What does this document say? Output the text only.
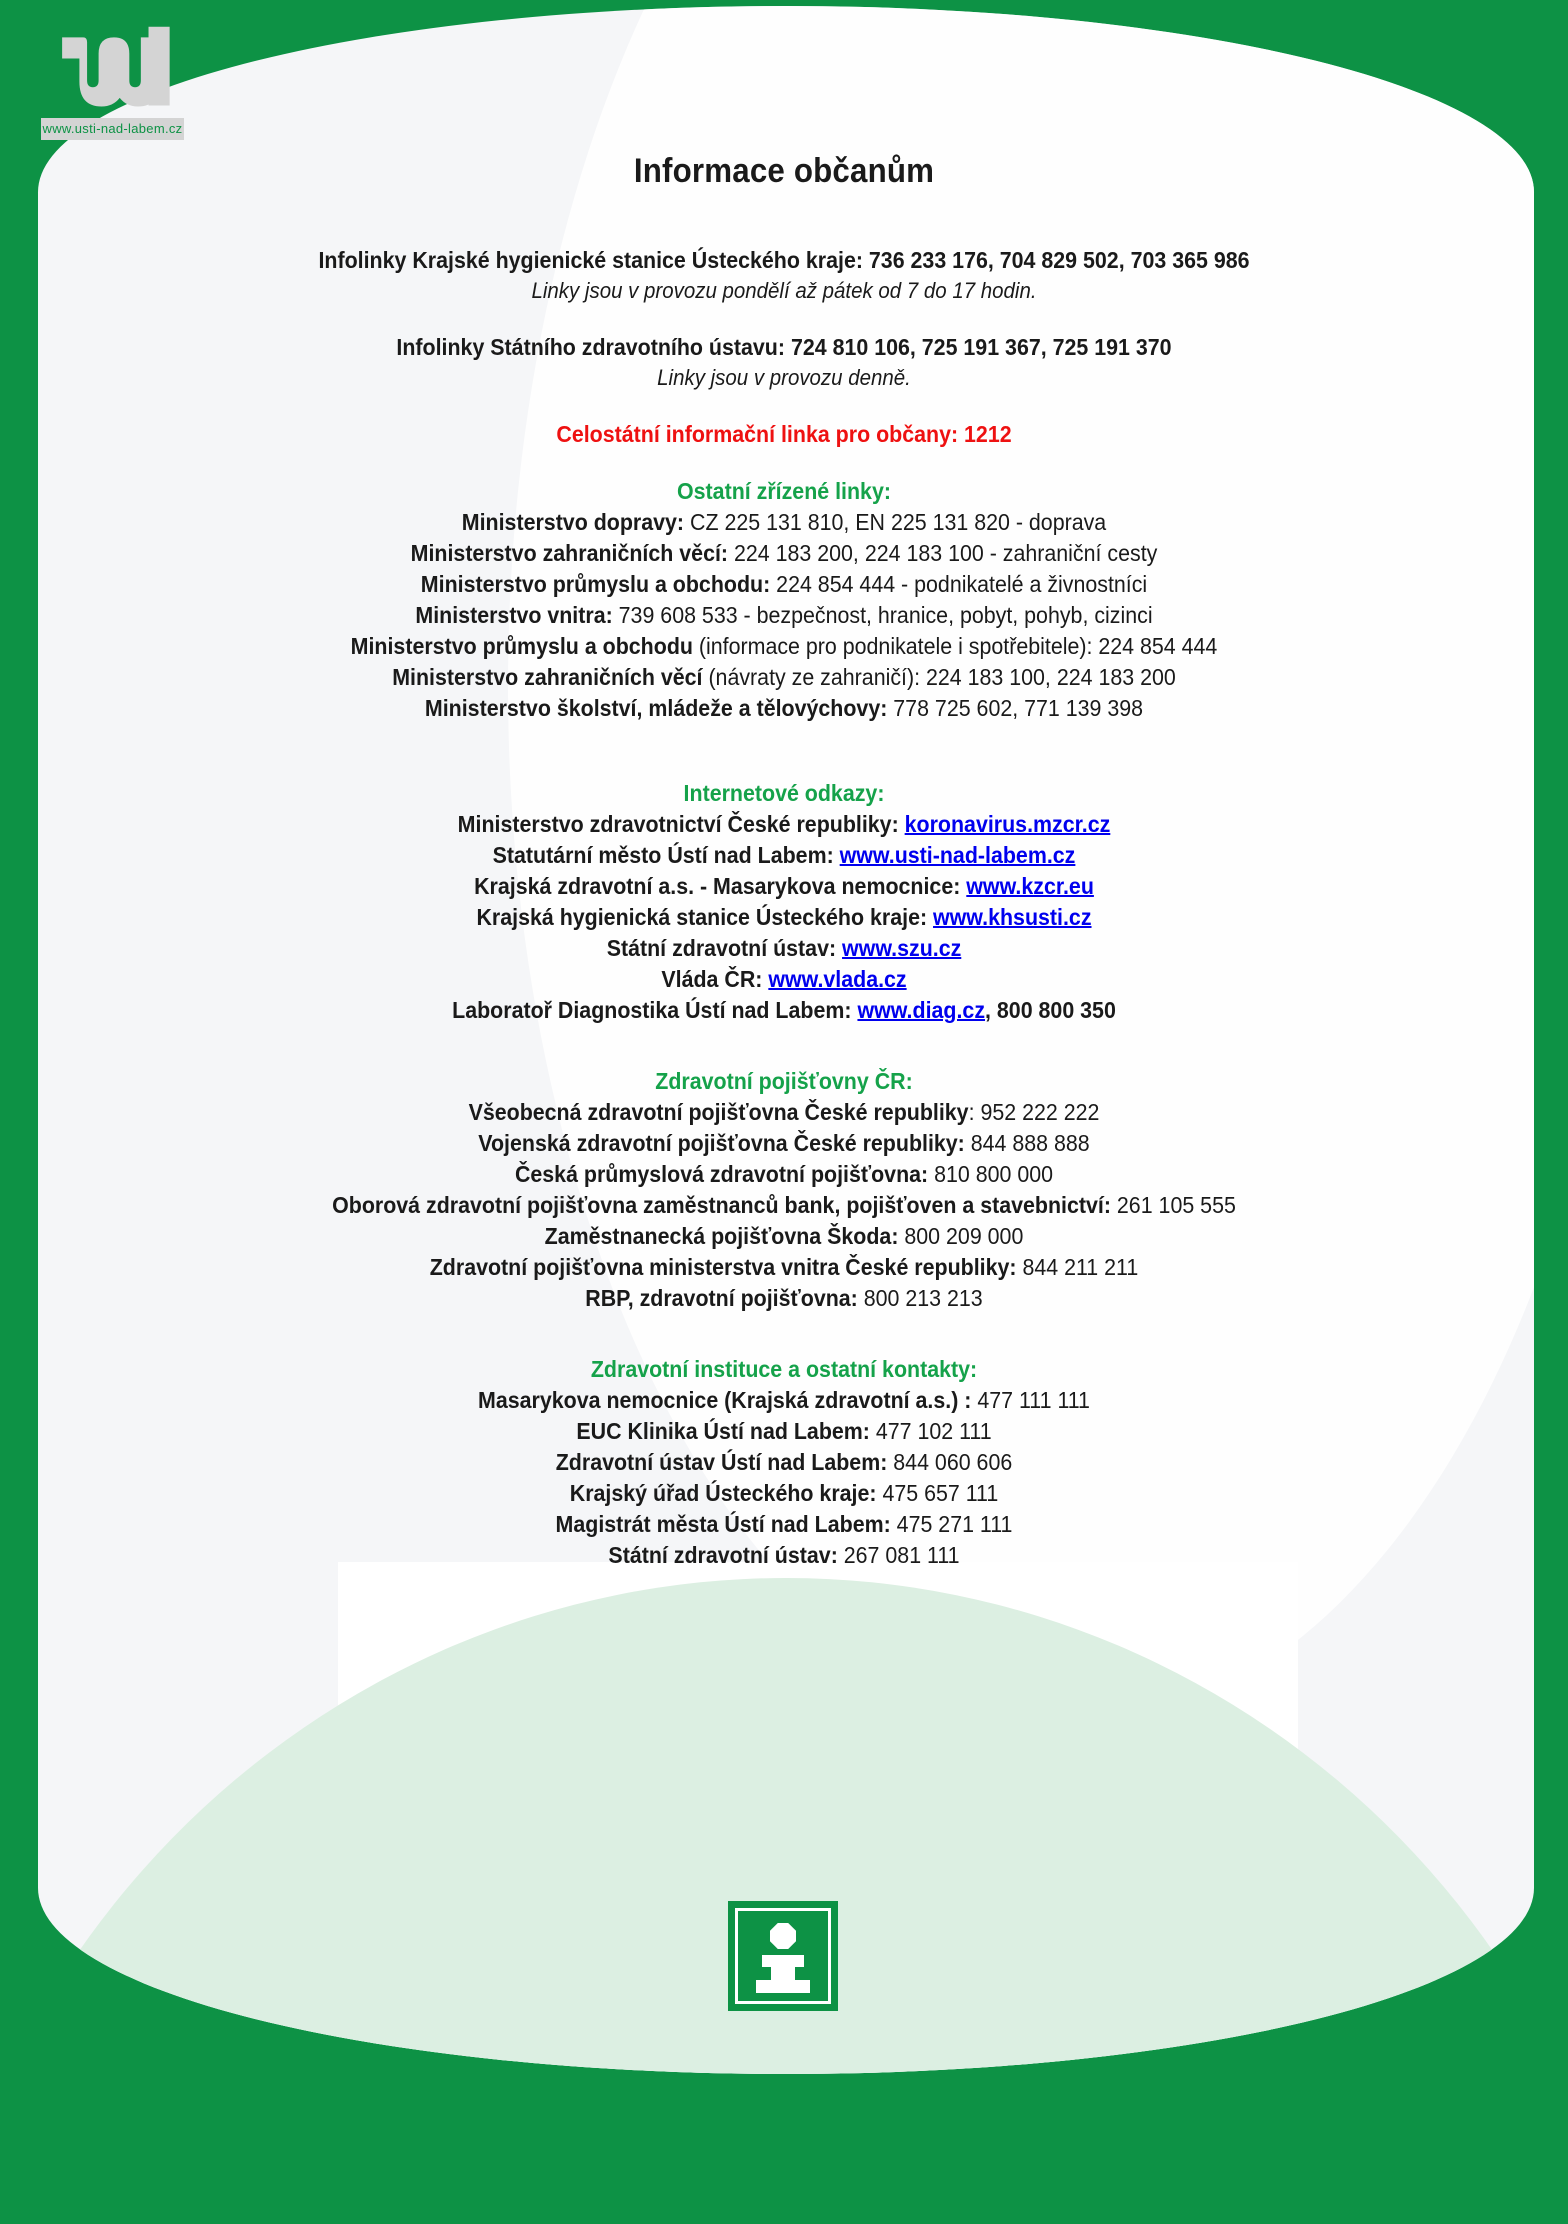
www.usti-nad-labem.cz
Informace občanům
Infolinky Krajské hygienické stanice Ústeckého kraje: 736 233 176, 704 829 502, 703 365 986
Linky jsou v provozu pondělí až pátek od 7 do 17 hodin.
Infolinky Státního zdravotního ústavu: 724 810 106, 725 191 367, 725 191 370
Linky jsou v provozu denně.
Celostátní informační linka pro občany: 1212
Ostatní zřízené linky:
Ministerstvo dopravy: CZ 225 131 810, EN 225 131 820 - doprava
Ministerstvo zahraničních věcí: 224 183 200, 224 183 100 - zahraniční cesty
Ministerstvo průmyslu a obchodu: 224 854 444 - podnikatelé a živnostníci
Ministerstvo vnitra: 739 608 533 - bezpečnost, hranice, pobyt, pohyb, cizinci
Ministerstvo průmyslu a obchodu (informace pro podnikatele i spotřebitele): 224 854 444
Ministerstvo zahraničních věcí (návraty ze zahraničí): 224 183 100, 224 183 200
Ministerstvo školství, mládeže a tělovýchovy: 778 725 602, 771 139 398
Internetové odkazy:
Ministerstvo zdravotnictví České republiky: koronavirus.mzcr.cz
Statutární město Ústí nad Labem: www.usti-nad-labem.cz
Krajská zdravotní a.s. - Masarykova nemocnice: www.kzcr.eu
Krajská hygienická stanice Ústeckého kraje: www.khsusti.cz
Státní zdravotní ústav: www.szu.cz
Vláda ČR: www.vlada.cz
Laboratoř Diagnostika Ústí nad Labem: www.diag.cz, 800 800 350
Zdravotní pojišťovny ČR:
Všeobecná zdravotní pojišťovna České republiky: 952 222 222
Vojenská zdravotní pojišťovna České republiky: 844 888 888
Česká průmyslová zdravotní pojišťovna: 810 800 000
Oborová zdravotní pojišťovna zaměstnanců bank, pojišťoven a stavebnictví: 261 105 555
Zaměstnanecká pojišťovna Škoda: 800 209 000
Zdravotní pojišťovna ministerstva vnitra České republiky: 844 211 211
RBP, zdravotní pojišťovna: 800 213 213
Zdravotní instituce a ostatní kontakty:
Masarykova nemocnice (Krajská zdravotní a.s.) : 477 111 111
EUC Klinika Ústí nad Labem: 477 102 111
Zdravotní ústav Ústí nad Labem: 844 060 606
Krajský úřad Ústeckého kraje: 475 657 111
Magistrát města Ústí nad Labem: 475 271 111
Státní zdravotní ústav: 267 081 111
